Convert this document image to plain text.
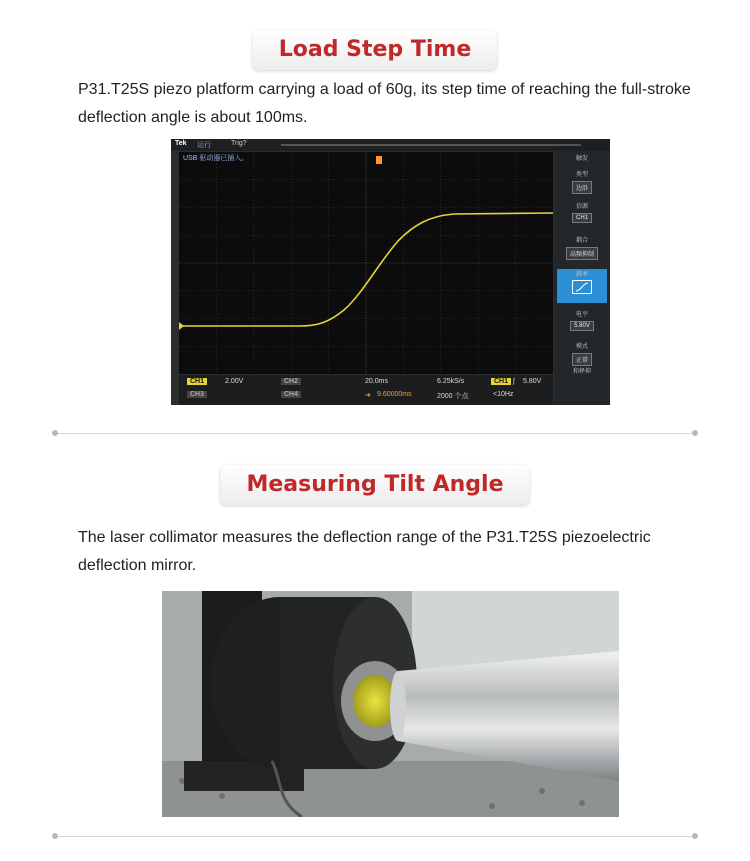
Load Step Time

P31.T25S piezo platform carrying a load of 60g, its step time of reaching the full-stroke deflection angle is about 100ms.

Tek 运行	Trig?
USB 驱动器已插入。	触发
类型
边沿
信源
CH1
耦合
高频抑制
斜率
电平
5.80V
模式
正常
和释抑
CH1	2.00V	CH2
CH3	CH4
20.0ms
➜ 9.60000ms
6.25kS/s
2000 个点
CH1 ∫ 5.80V
<10Hz
Measuring Tilt Angle

The laser collimator measures the deflection range of the P31.T25S piezoelectric deflection mirror.
